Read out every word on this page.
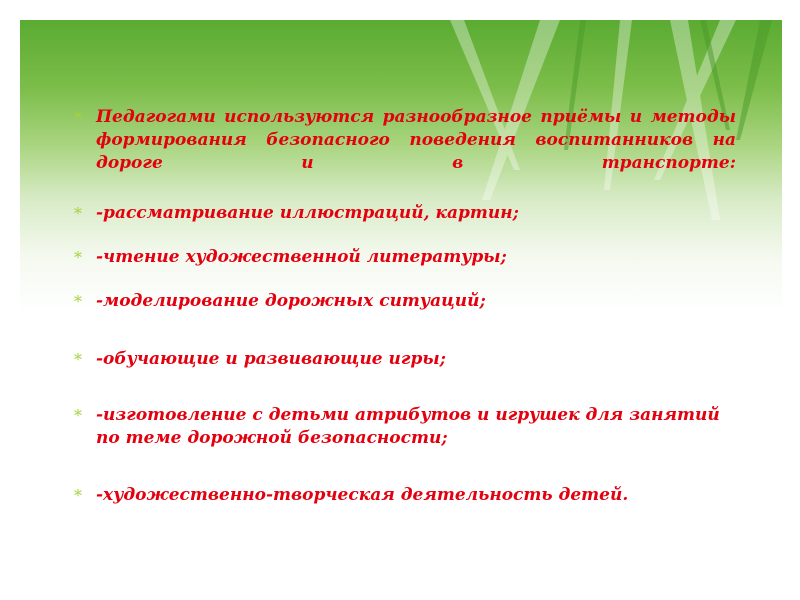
* Педагогами используются разнообразное приёмы и методы формирования безопасного поведения воспитанников на дороге и в транспорте:
* -рассматривание иллюстраций, картин;
* -чтение художественной литературы;
* -моделирование дорожных ситуаций;
* -обучающие и развивающие игры;
* -изготовление с детьми атрибутов и игрушек для занятий по теме дорожной безопасности;
* -художественно-творческая деятельность детей.
